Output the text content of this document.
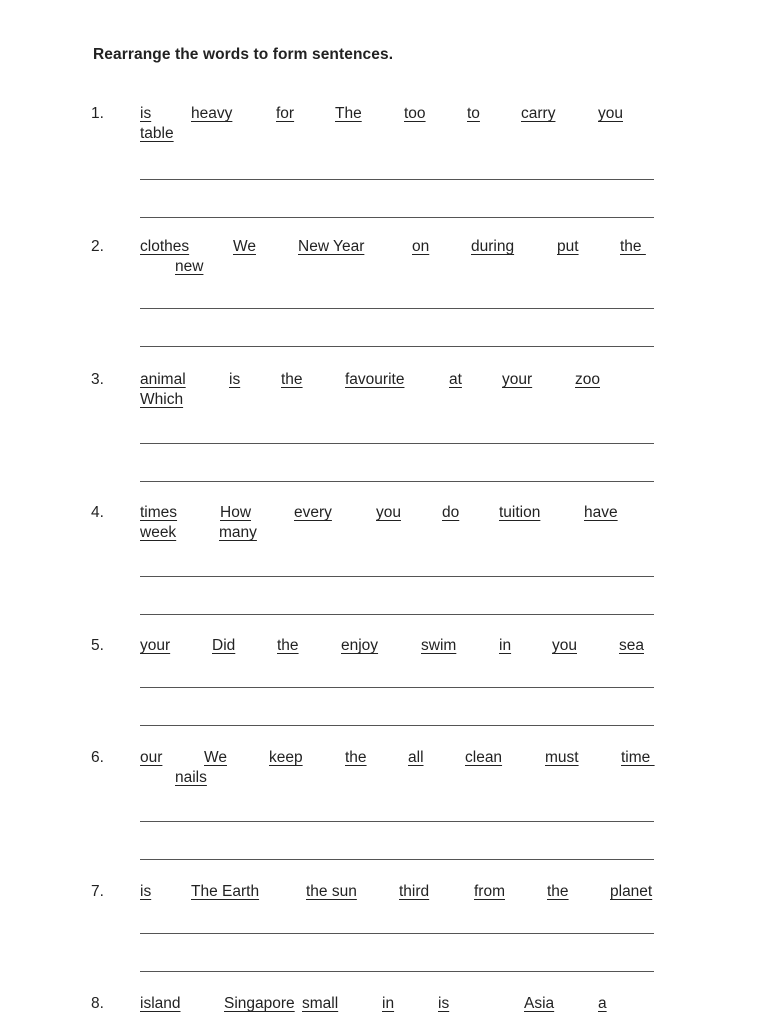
Rearrange the words to form sentences.
1. is	heavy	for	The	too	to	carry	you
table
2. clothes	We	New Year	on	during	put	the
new
3. animal	is	the	favourite	at	your	zoo
Which
4. times	How	every	you	do	tuition	have
week	many
5. your	Did	the	enjoy	swim	in	you	sea
6. our	We	keep	the	all	clean	must	time
nails
7. is	The Earth	the sun	third	from	the	planet
8. island	Singapore small	in	is	Asia	a
